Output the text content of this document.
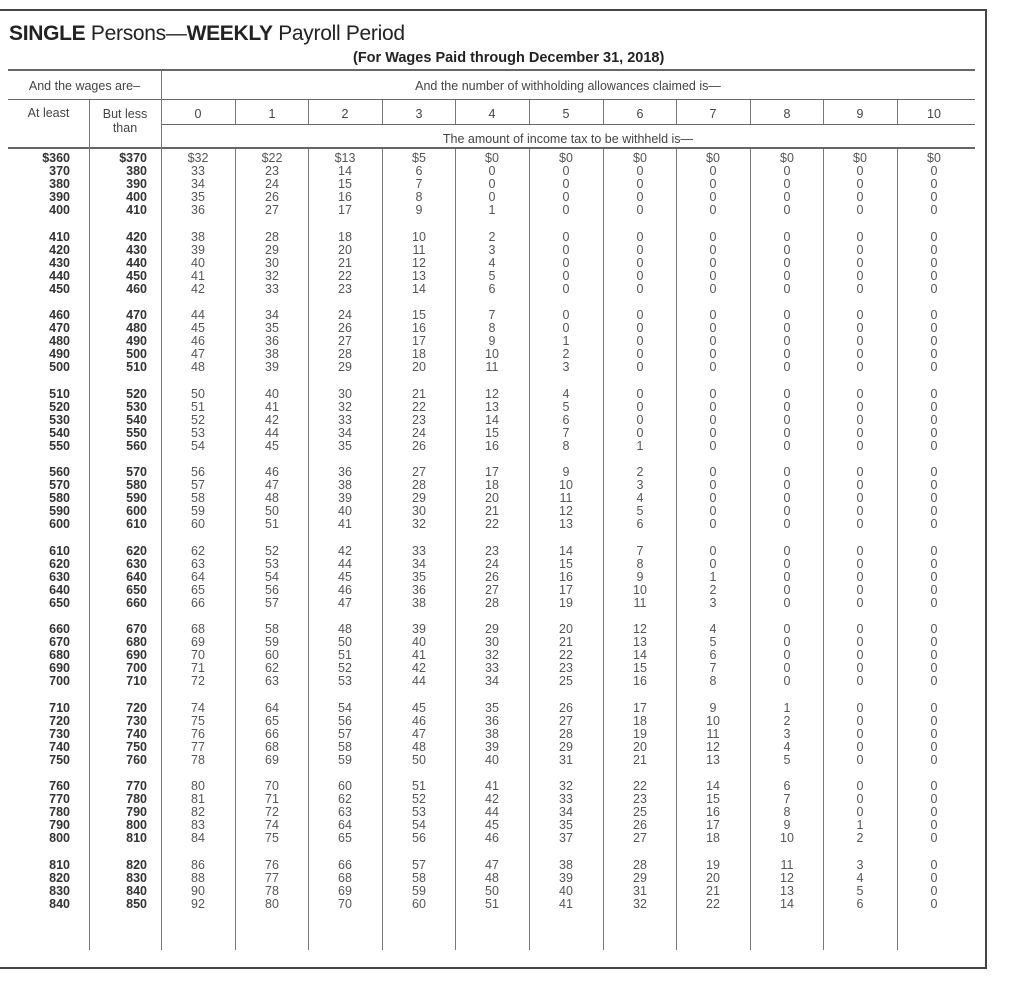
SINGLE Persons—WEEKLY Payroll Period
(For Wages Paid through December 31, 2018)
And the wages are–	And the number of withholding allowances claimed is—
At least	But less than
The amount of income tax to be withheld is—
0	1	2	3	4	5	6	7	8	9	10
$360	$370	$32	$22	$13	$5	$0	$0	$0	$0	$0	$0	$0
370	380	33	23	14	6	0	0	0	0	0	0	0
380	390	34	24	15	7	0	0	0	0	0	0	0
390	400	35	26	16	8	0	0	0	0	0	0	0
400	410	36	27	17	9	1	0	0	0	0	0	0
410	420	38	28	18	10	2	0	0	0	0	0	0
420	430	39	29	20	11	3	0	0	0	0	0	0
430	440	40	30	21	12	4	0	0	0	0	0	0
440	450	41	32	22	13	5	0	0	0	0	0	0
450	460	42	33	23	14	6	0	0	0	0	0	0
460	470	44	34	24	15	7	0	0	0	0	0	0
470	480	45	35	26	16	8	0	0	0	0	0	0
480	490	46	36	27	17	9	1	0	0	0	0	0
490	500	47	38	28	18	10	2	0	0	0	0	0
500	510	48	39	29	20	11	3	0	0	0	0	0
510	520	50	40	30	21	12	4	0	0	0	0	0
520	530	51	41	32	22	13	5	0	0	0	0	0
530	540	52	42	33	23	14	6	0	0	0	0	0
540	550	53	44	34	24	15	7	0	0	0	0	0
550	560	54	45	35	26	16	8	1	0	0	0	0
560	570	56	46	36	27	17	9	2	0	0	0	0
570	580	57	47	38	28	18	10	3	0	0	0	0
580	590	58	48	39	29	20	11	4	0	0	0	0
590	600	59	50	40	30	21	12	5	0	0	0	0
600	610	60	51	41	32	22	13	6	0	0	0	0
610	620	62	52	42	33	23	14	7	0	0	0	0
620	630	63	53	44	34	24	15	8	0	0	0	0
630	640	64	54	45	35	26	16	9	1	0	0	0
640	650	65	56	46	36	27	17	10	2	0	0	0
650	660	66	57	47	38	28	19	11	3	0	0	0
660	670	68	58	48	39	29	20	12	4	0	0	0
670	680	69	59	50	40	30	21	13	5	0	0	0
680	690	70	60	51	41	32	22	14	6	0	0	0
690	700	71	62	52	42	33	23	15	7	0	0	0
700	710	72	63	53	44	34	25	16	8	0	0	0
710	720	74	64	54	45	35	26	17	9	1	0	0
720	730	75	65	56	46	36	27	18	10	2	0	0
730	740	76	66	57	47	38	28	19	11	3	0	0
740	750	77	68	58	48	39	29	20	12	4	0	0
750	760	78	69	59	50	40	31	21	13	5	0	0
760	770	80	70	60	51	41	32	22	14	6	0	0
770	780	81	71	62	52	42	33	23	15	7	0	0
780	790	82	72	63	53	44	34	25	16	8	0	0
790	800	83	74	64	54	45	35	26	17	9	1	0
800	810	84	75	65	56	46	37	27	18	10	2	0
810	820	86	76	66	57	47	38	28	19	11	3	0
820	830	88	77	68	58	48	39	29	20	12	4	0
830	840	90	78	69	59	50	40	31	21	13	5	0
840	850	92	80	70	60	51	41	32	22	14	6	0
